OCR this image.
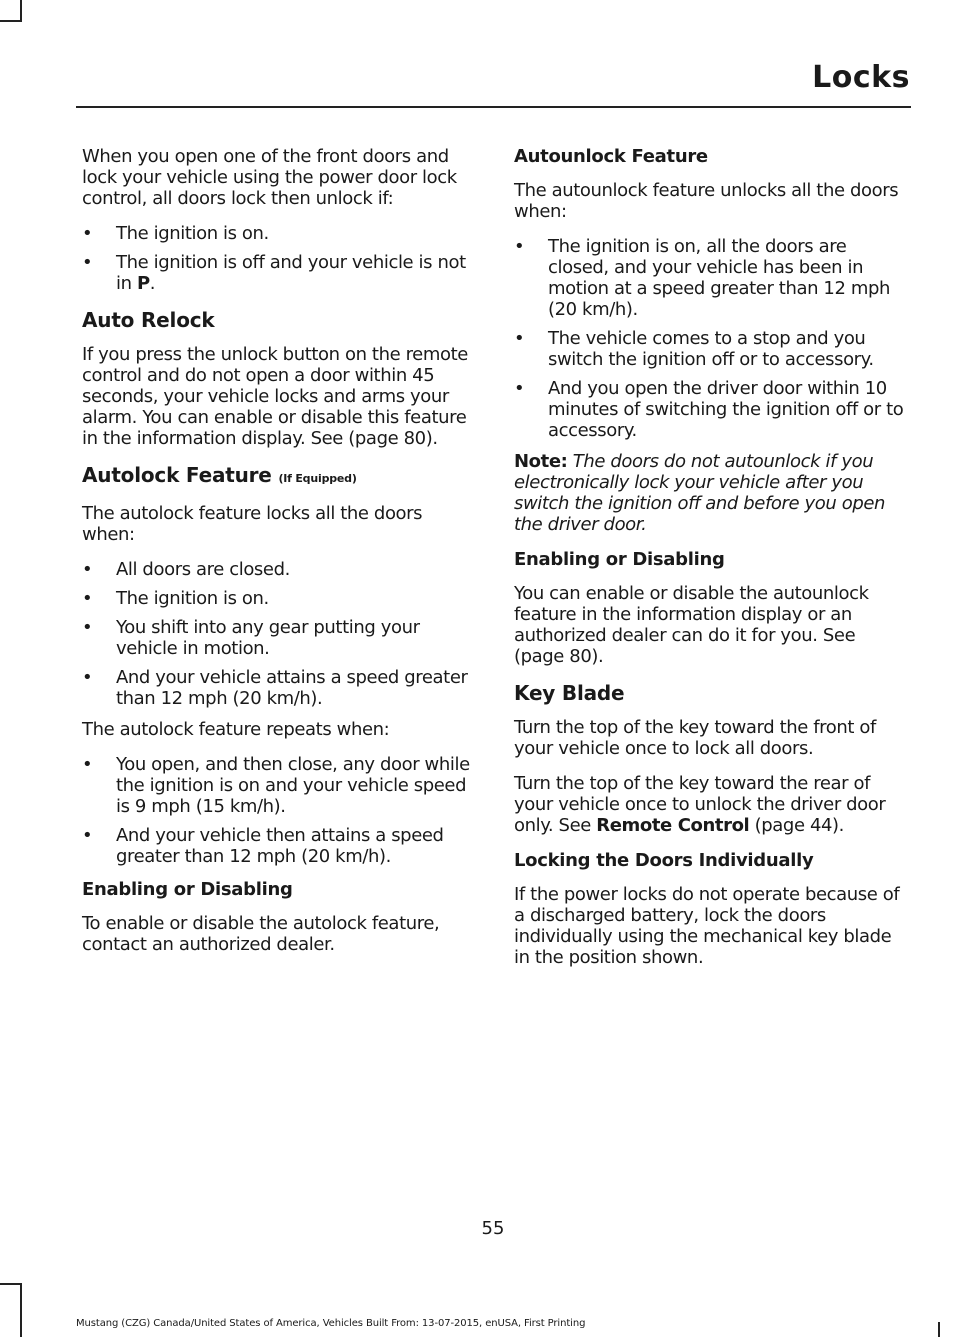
Locks

When you open one of the front doors and lock your vehicle using the power door lock control, all doors lock then unlock if:

• The ignition is on.
• The ignition is off and your vehicle is not in P.
Auto Relock

If you press the unlock button on the remote control and do not open a door within 45 seconds, your vehicle locks and arms your alarm. You can enable or disable this feature in the information display. See (page 80).

Autolock Feature (If Equipped)

The autolock feature locks all the doors when:

• All doors are closed.
• The ignition is on.
• You shift into any gear putting your vehicle in motion.
• And your vehicle attains a speed greater than 12 mph (20 km/h).

The autolock feature repeats when:

• You open, and then close, any door while the ignition is on and your vehicle speed is 9 mph (15 km/h).
• And your vehicle then attains a speed greater than 12 mph (20 km/h).
Enabling or Disabling

To enable or disable the autolock feature, contact an authorized dealer.

Autounlock Feature

The autounlock feature unlocks all the doors when:

• The ignition is on, all the doors are closed, and your vehicle has been in motion at a speed greater than 12 mph (20 km/h).
• The vehicle comes to a stop and you switch the ignition off or to accessory.
• And you open the driver door within 10 minutes of switching the ignition off or to accessory.

Note: The doors do not autounlock if you electronically lock your vehicle after you switch the ignition off and before you open the driver door.

Enabling or Disabling

You can enable or disable the autounlock feature in the information display or an authorized dealer can do it for you. See (page 80).

Key Blade

Turn the top of the key toward the front of your vehicle once to lock all doors.

Turn the top of the key toward the rear of your vehicle once to unlock the driver door only. See Remote Control (page 44).

Locking the Doors Individually

If the power locks do not operate because of a discharged battery, lock the doors individually using the mechanical key blade in the position shown.

55
Mustang (CZG) Canada/United States of America, Vehicles Built From: 13-07-2015, enUSA, First Printing
